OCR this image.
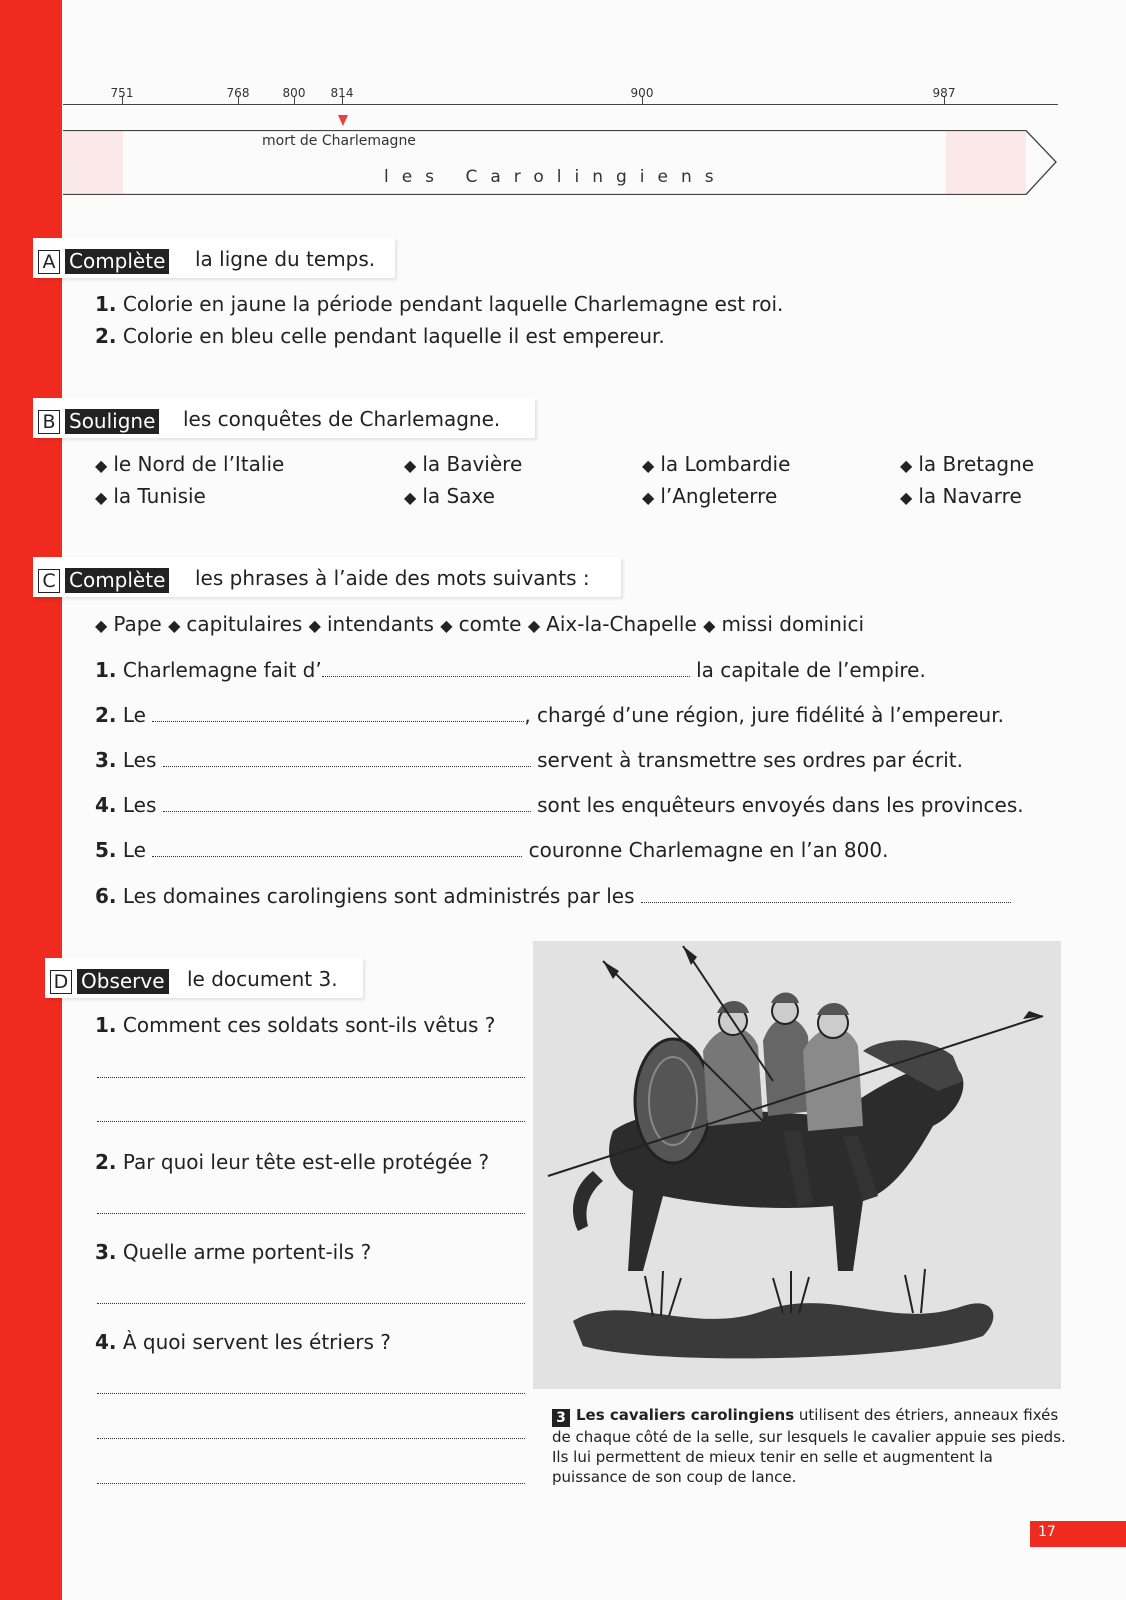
751	768	800 814	900	987
mort de Charlemagne
les Carolingiens
A Complète la ligne du temps.
1. Colorie en jaune la période pendant laquelle Charlemagne est roi.
2. Colorie en bleu celle pendant laquelle il est empereur.
B Souligne les conquêtes de Charlemagne.
◆ le Nord de l’Italie	◆ la Bavière	◆ la Lombardie	◆ la Bretagne
◆ la Tunisie	◆ la Saxe	◆ l’Angleterre	◆ la Navarre
C Complète les phrases à l’aide des mots suivants :
◆ Pape ◆ capitulaires ◆ intendants ◆ comte ◆ Aix-la-Chapelle ◆ missi dominici
1. Charlemagne fait d’	la capitale de l’empire.
2. Le	, chargé d’une région, jure fidélité à l’empereur.
3. Les	servent à transmettre ses ordres par écrit.
4. Les	sont les enquêteurs envoyés dans les provinces.
5. Le	couronne Charlemagne en l’an 800.
6. Les domaines carolingiens sont administrés par les
D Observe le document 3.
1. Comment ces soldats sont-ils vêtus ?
2. Par quoi leur tête est-elle protégée ?
3. Quelle arme portent-ils ?
4. À quoi servent les étriers ?
3 Les cavaliers carolingiens utilisent des étriers, anneaux fixés de chaque côté de la selle, sur lesquels le cavalier appuie ses pieds. Ils lui permettent de mieux tenir en selle et augmentent la puissance de son coup de lance.
17
